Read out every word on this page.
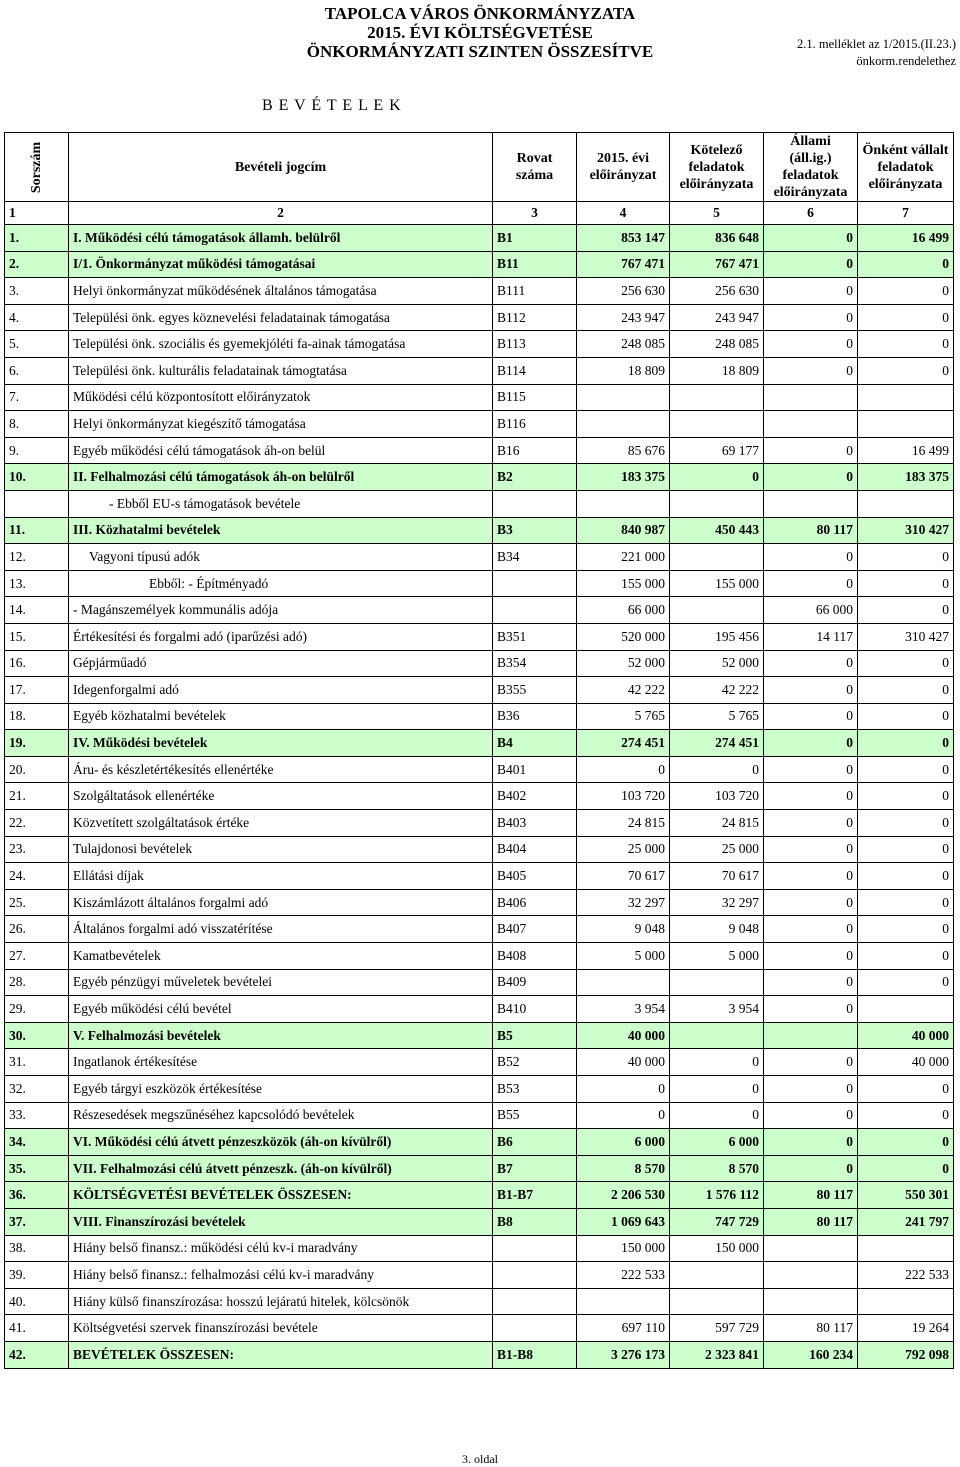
TAPOLCA VÁROS ÖNKORMÁNYZATA
2015. ÉVI KÖLTSÉGVETÉSE
ÖNKORMÁNYZATI SZINTEN ÖSSZESÍTVE	2.1. melléklet az 1/2015.(II.23.)
önkorm.rendelethez
B E V É T E L E K
Sorszám	Bevételi jogcím	Rovat száma	2015. évi előirányzat	Kötelező feladatok előirányzata	Állami (áll.ig.) feladatok előirányzata	Önként vállalt feladatok előirányzata
1	2	3	4	5	6	7
1.	I. Működési célú támogatások államh. belülről	B1	853 147	836 648	0	16 499
2.	I/1. Önkormányzat működési támogatásai	B11	767 471	767 471	0	0
3.	Helyi önkormányzat működésének általános támogatása	B111	256 630	256 630	0	0
4.	Települési önk. egyes köznevelési feladatainak támogatása	B112	243 947	243 947	0	0
5.	Települési önk. szociális és gyemekjóléti fa-ainak támogatása	B113	248 085	248 085	0	0
6.	Települési önk. kulturális feladatainak támogtatása	B114	18 809	18 809	0	0
7.	Működési célú központosított előirányzatok	B115				
8.	Helyi önkormányzat kiegészítő támogatása	B116				
9.	Egyéb működési célú támogatások áh-on belül	B16	85 676	69 177	0	16 499
10.	II. Felhalmozási célú támogatások áh-on belülről	B2	183 375	0	0	183 375
	- Ebből EU-s támogatások bevétele					
11.	III. Közhatalmi bevételek	B3	840 987	450 443	80 117	310 427
12.	Vagyoni típusú adók	B34	221 000		0	0
13.	Ebből: - Építményadó		155 000	155 000	0	0
14.	- Magánszemélyek kommunális adója		66 000		66 000	0
15.	Értékesítési és forgalmi adó (iparűzési adó)	B351	520 000	195 456	14 117	310 427
16.	Gépjárműadó	B354	52 000	52 000	0	0
17.	Idegenforgalmi adó	B355	42 222	42 222	0	0
18.	Egyéb közhatalmi bevételek	B36	5 765	5 765	0	0
19.	IV. Működési bevételek	B4	274 451	274 451	0	0
20.	Áru- és készletértékesítés ellenértéke	B401	0	0	0	0
21.	Szolgáltatások ellenértéke	B402	103 720	103 720	0	0
22.	Közvetített szolgáltatások értéke	B403	24 815	24 815	0	0
23.	Tulajdonosi bevételek	B404	25 000	25 000	0	0
24.	Ellátási díjak	B405	70 617	70 617	0	0
25.	Kiszámlázott általános forgalmi adó	B406	32 297	32 297	0	0
26.	Általános forgalmi adó visszatérítése	B407	9 048	9 048	0	0
27.	Kamatbevételek	B408	5 000	5 000	0	0
28.	Egyéb pénzügyi műveletek bevételei	B409			0	0
29.	Egyéb működési célú bevétel	B410	3 954	3 954	0	
30.	V. Felhalmozási bevételek	B5	40 000			40 000
31.	Ingatlanok értékesítése	B52	40 000	0	0	40 000
32.	Egyéb tárgyi eszközök értékesítése	B53	0	0	0	0
33.	Részesedések megszűnéséhez kapcsolódó bevételek	B55	0	0	0	0
34.	VI. Működési célú átvett pénzeszközök (áh-on kívülről)	B6	6 000	6 000	0	0
35.	VII. Felhalmozási célú átvett pénzeszk. (áh-on kívülről)	B7	8 570	8 570	0	0
36.	KÖLTSÉGVETÉSI BEVÉTELEK ÖSSZESEN:	B1-B7	2 206 530	1 576 112	80 117	550 301
37.	VIII. Finanszírozási bevételek	B8	1 069 643	747 729	80 117	241 797
38.	Hiány belső finansz.: működési célú kv-i maradvány		150 000	150 000		
39.	Hiány belső finansz.: felhalmozási célú kv-i maradvány		222 533			222 533
40.	Hiány külső finanszírozása: hosszú lejáratú hitelek, kölcsönök					
41.	Költségvetési szervek finanszírozási bevétele		697 110	597 729	80 117	19 264
42.	BEVÉTELEK ÖSSZESEN:	B1-B8	3 276 173	2 323 841	160 234	792 098
3. oldal
